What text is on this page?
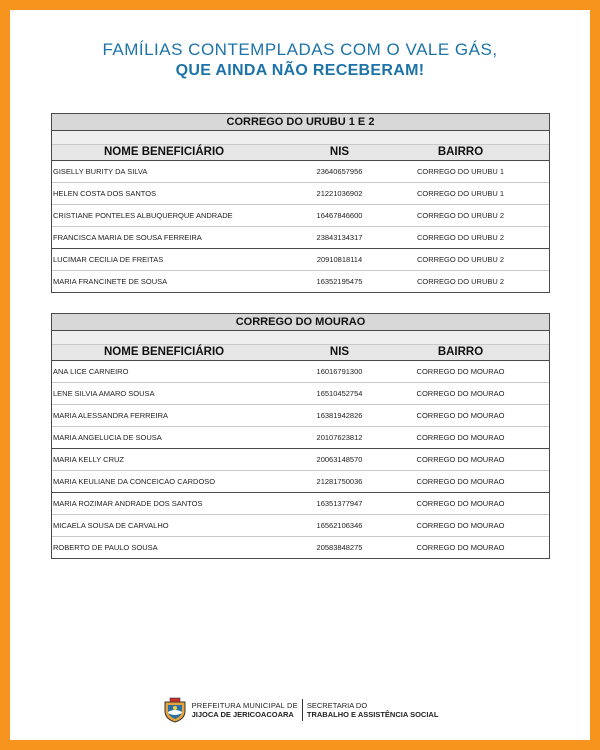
FAMÍLIAS CONTEMPLADAS COM O VALE GÁS,
QUE AINDA NÃO RECEBERAM!
CORREGO DO URUBU 1 E 2
NOME BENEFICIÁRIO	NIS	BAIRRO
GISELLY BURITY DA SILVA	23640657956	CORREGO DO URUBU 1
HELEN COSTA DOS SANTOS	21221036902	CORREGO DO URUBU 1
CRISTIANE PONTELES ALBUQUERQUE ANDRADE	16467846600	CORREGO DO URUBU 2
FRANCISCA MARIA DE SOUSA FERREIRA	23843134317	CORREGO DO URUBU 2
LUCIMAR CECILIA DE FREITAS	20910818114	CORREGO DO URUBU 2
MARIA FRANCINETE DE SOUSA	16352195475	CORREGO DO URUBU 2
CORREGO DO MOURAO
NOME BENEFICIÁRIO	NIS	BAIRRO
ANA LICE CARNEIRO	16016791300	CORREGO DO MOURAO
LENE SILVIA AMARO SOUSA	16510452754	CORREGO DO MOURAO
MARIA ALESSANDRA FERREIRA	16381942826	CORREGO DO MOURAO
MARIA ANGELUCIA DE SOUSA	20107623812	CORREGO DO MOURAO
MARIA KELLY CRUZ	20063148570	CORREGO DO MOURAO
MARIA KEULIANE DA CONCEICAO CARDOSO	21281750036	CORREGO DO MOURAO
MARIA ROZIMAR ANDRADE DOS SANTOS	16351377947	CORREGO DO MOURAO
MICAELA SOUSA DE CARVALHO	16562106346	CORREGO DO MOURAO
ROBERTO DE PAULO SOUSA	20583848275	CORREGO DO MOURAO
PREFEITURA MUNICIPAL DE
JIJOCA DE JERICOACOARA
SECRETARIA DO
TRABALHO E ASSISTÊNCIA SOCIAL
